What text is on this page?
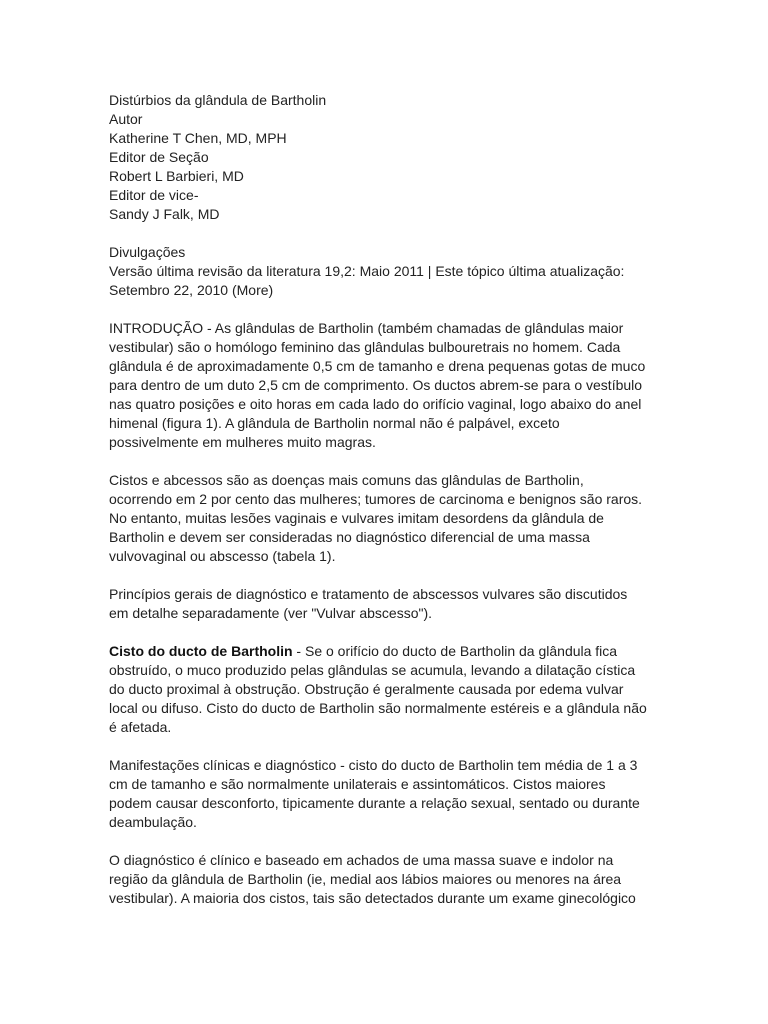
Distúrbios da glândula de Bartholin
Autor
Katherine T Chen, MD, MPH
Editor de Seção
Robert L Barbieri, MD
Editor de vice-
Sandy J Falk, MD
Divulgações
Versão última revisão da literatura 19,2: Maio 2011 | Este tópico última atualização:
Setembro 22, 2010 (More)
INTRODUÇÃO - As glândulas de Bartholin (também chamadas de glândulas maior
vestibular) são o homólogo feminino das glândulas bulbouretrais no homem. Cada
glândula é de aproximadamente 0,5 cm de tamanho e drena pequenas gotas de muco
para dentro de um duto 2,5 cm de comprimento. Os ductos abrem-se para o vestíbulo
nas quatro posições e oito horas em cada lado do orifício vaginal, logo abaixo do anel
himenal (figura 1). A glândula de Bartholin normal não é palpável, exceto
possivelmente em mulheres muito magras.
Cistos e abcessos são as doenças mais comuns das glândulas de Bartholin,
ocorrendo em 2 por cento das mulheres; tumores de carcinoma e benignos são raros.
No entanto, muitas lesões vaginais e vulvares imitam desordens da glândula de
Bartholin e devem ser consideradas no diagnóstico diferencial de uma massa
vulvovaginal ou abscesso (tabela 1).
Princípios gerais de diagnóstico e tratamento de abscessos vulvares são discutidos
em detalhe separadamente (ver "Vulvar abscesso").
Cisto do ducto de Bartholin - Se o orifício do ducto de Bartholin da glândula fica
obstruído, o muco produzido pelas glândulas se acumula, levando a dilatação cística
do ducto proximal à obstrução. Obstrução é geralmente causada por edema vulvar
local ou difuso. Cisto do ducto de Bartholin são normalmente estéreis e a glândula não
é afetada.
Manifestações clínicas e diagnóstico - cisto do ducto de Bartholin tem média de 1 a 3
cm de tamanho e são normalmente unilaterais e assintomáticos. Cistos maiores
podem causar desconforto, tipicamente durante a relação sexual, sentado ou durante
deambulação.
O diagnóstico é clínico e baseado em achados de uma massa suave e indolor na
região da glândula de Bartholin (ie, medial aos lábios maiores ou menores na área
vestibular). A maioria dos cistos, tais são detectados durante um exame ginecológico
